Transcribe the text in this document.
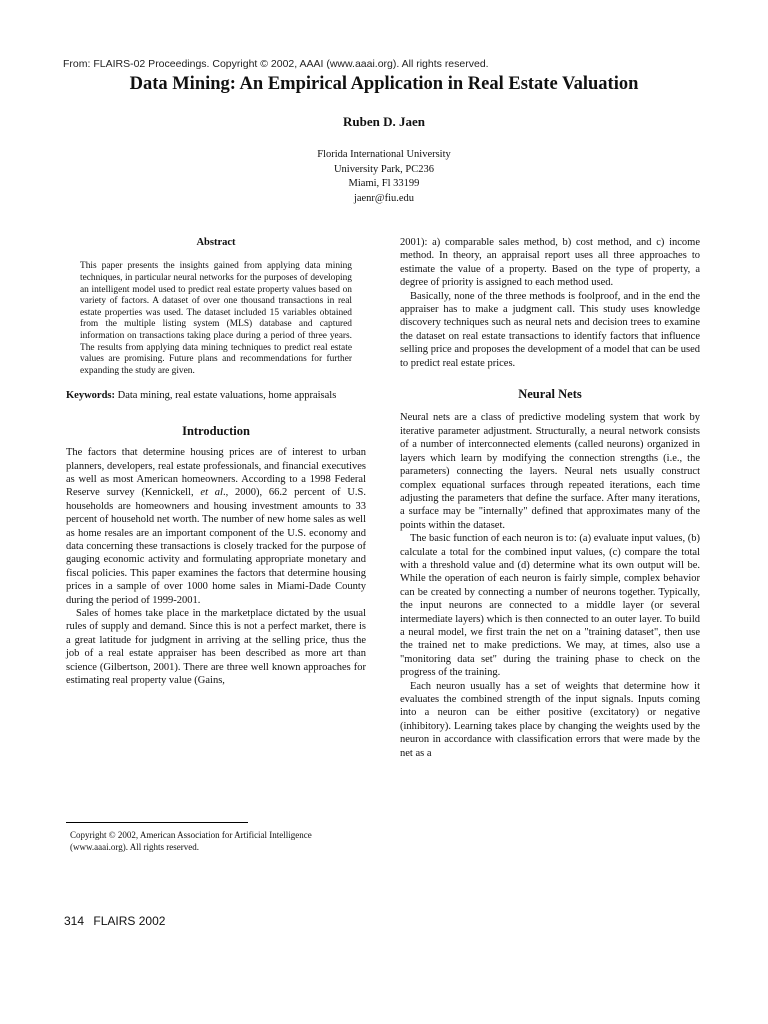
From: FLAIRS-02 Proceedings. Copyright © 2002, AAAI (www.aaai.org). All rights reserved.
Data Mining: An Empirical Application in Real Estate Valuation
Ruben D. Jaen
Florida International University
University Park, PC236
Miami, Fl 33199
jaenr@fiu.edu
Abstract

This paper presents the insights gained from applying data mining techniques, in particular neural networks for the purposes of developing an intelligent model used to predict real estate property values based on variety of factors. A dataset of over one thousand transactions in real estate properties was used. The dataset included 15 variables obtained from the multiple listing system (MLS) database and captured information on transactions taking place during a period of three years. The results from applying data mining techniques to predict real estate values are promising. Future plans and recommendations for further expanding the study are given.

Keywords: Data mining, real estate valuations, home appraisals

Introduction

The factors that determine housing prices are of interest to urban planners, developers, real estate professionals, and financial executives as well as most American homeowners. According to a 1998 Federal Reserve survey (Kennickell, et al., 2000), 66.2 percent of U.S. households are homeowners and housing investment amounts to 33 percent of household net worth. The number of new home sales as well as home resales are an important component of the U.S. economy and data concerning these transactions is closely tracked for the purpose of gauging economic activity and formulating appropriate monetary and fiscal policies. This paper examines the factors that determine housing prices in a sample of over 1000 home sales in Miami-Dade County during the period of 1999-2001.

Sales of homes take place in the marketplace dictated by the usual rules of supply and demand. Since this is not a perfect market, there is a great latitude for judgment in arriving at the selling price, thus the job of a real estate appraiser has been described as more art than science (Gilbertson, 2001). There are three well known approaches for estimating real property value (Gains,

2001): a) comparable sales method, b) cost method, and c) income method. In theory, an appraisal report uses all three approaches to estimate the value of a property. Based on the type of property, a degree of priority is assigned to each method used.

Basically, none of the three methods is foolproof, and in the end the appraiser has to make a judgment call. This study uses knowledge discovery techniques such as neural nets and decision trees to examine the dataset on real estate transactions to identify factors that influence selling price and proposes the development of a model that can be used to predict real estate prices.

Neural Nets

Neural nets are a class of predictive modeling system that work by iterative parameter adjustment. Structurally, a neural network consists of a number of interconnected elements (called neurons) organized in layers which learn by modifying the connection strengths (i.e., the parameters) connecting the layers. Neural nets usually construct complex equational surfaces through repeated iterations, each time adjusting the parameters that define the surface. After many iterations, a surface may be "internally" defined that approximates many of the points within the dataset.

The basic function of each neuron is to: (a) evaluate input values, (b) calculate a total for the combined input values, (c) compare the total with a threshold value and (d) determine what its own output will be. While the operation of each neuron is fairly simple, complex behavior can be created by connecting a number of neurons together. Typically, the input neurons are connected to a middle layer (or several intermediate layers) which is then connected to an outer layer. To build a neural model, we first train the net on a "training dataset", then use the trained net to make predictions. We may, at times, also use a "monitoring data set" during the training phase to check on the progress of the training.

Each neuron usually has a set of weights that determine how it evaluates the combined strength of the input signals. Inputs coming into a neuron can be either positive (excitatory) or negative (inhibitory). Learning takes place by changing the weights used by the neuron in accordance with classification errors that were made by the net as a

Copyright © 2002, American Association for Artificial Intelligence (www.aaai.org). All rights reserved.
314 FLAIRS 2002
